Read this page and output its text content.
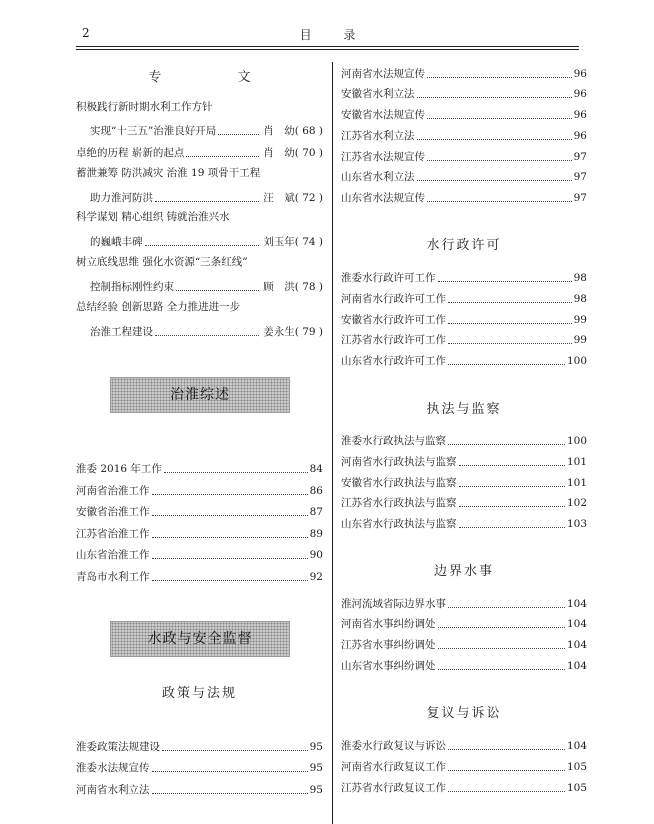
2	目 录
专 文
积极践行新时期水利工作方针
实现“十三五”治淮良好开局	肖　幼 ( 68 )
卓绝的历程 崭新的起点	肖　幼 ( 70 )
蓄泄兼筹 防洪减灾 治淮 19 项骨干工程
助力淮河防洪	汪　斌 ( 72 )
科学谋划 精心组织 铸就治淮兴水
的巍峨丰碑	刘玉年 ( 74 )
树立底线思维 强化水资源“三条红线”
控制指标刚性约束	顾　洪 ( 78 )
总结经验 创新思路 全力推进进一步
治淮工程建设	姜永生 ( 79 )
治淮综述
淮委 2016 年工作	84
河南省治淮工作	86
安徽省治淮工作	87
江苏省治淮工作	89
山东省治淮工作	90
青岛市水利工作	92
水政与安全监督
政策与法规
淮委政策法规建设	95
淮委水法规宣传	95
河南省水利立法	95
河南省水法规宣传	96
安徽省水利立法	96
安徽省水法规宣传	96
江苏省水利立法	96
江苏省水法规宣传	97
山东省水利立法	97
山东省水法规宣传	97
水行政许可
淮委水行政许可工作	98
河南省水行政许可工作	98
安徽省水行政许可工作	99
江苏省水行政许可工作	99
山东省水行政许可工作	100
执法与监察
淮委水行政执法与监察	100
河南省水行政执法与监察	101
安徽省水行政执法与监察	101
江苏省水行政执法与监察	102
山东省水行政执法与监察	103
边界水事
淮河流域省际边界水事	104
河南省水事纠纷调处	104
江苏省水事纠纷调处	104
山东省水事纠纷调处	104
复议与诉讼
淮委水行政复议与诉讼	104
河南省水行政复议工作	105
江苏省水行政复议工作	105
